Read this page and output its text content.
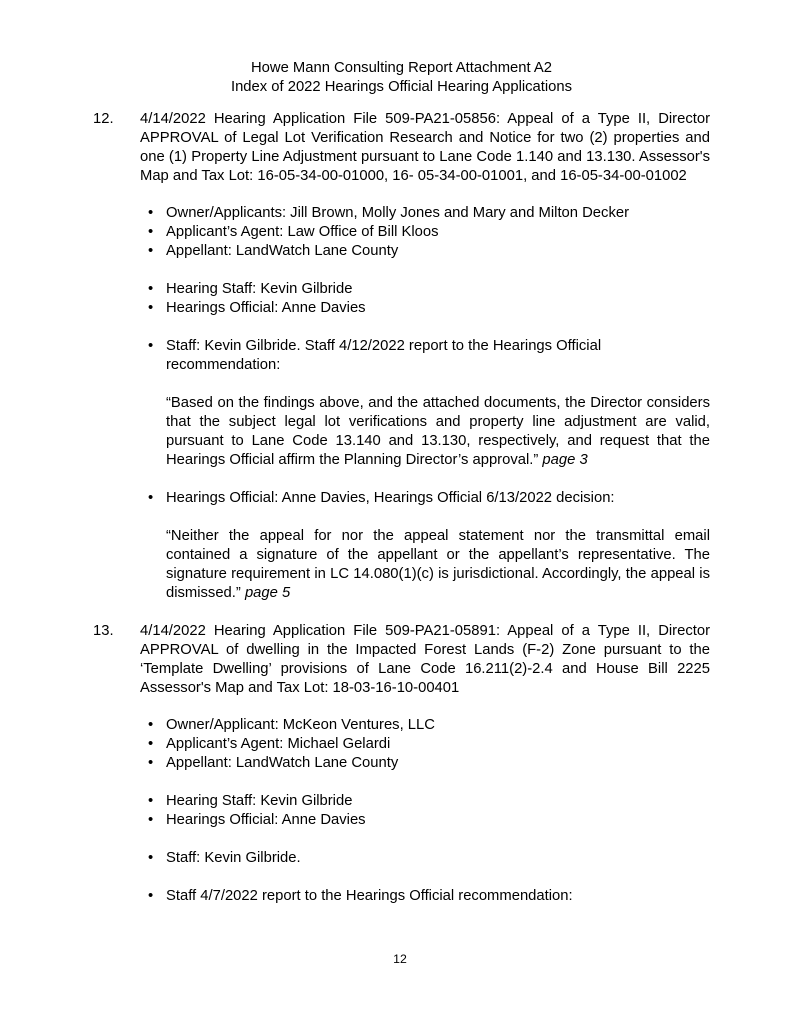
Howe Mann Consulting Report Attachment A2
Index of 2022 Hearings Official Hearing Applications
12.	4/14/2022 Hearing Application File 509-PA21-05856: Appeal of a Type II, Director APPROVAL of Legal Lot Verification Research and Notice for two (2) properties and one (1) Property Line Adjustment pursuant to Lane Code 1.140 and 13.130. Assessor's Map and Tax Lot: 16-05-34-00-01000, 16- 05-34-00-01001, and 16-05-34-00-01002
• Owner/Applicants: Jill Brown, Molly Jones and Mary and Milton Decker
• Applicant’s Agent: Law Office of Bill Kloos
• Appellant: LandWatch Lane County
• Hearing Staff: Kevin Gilbride
• Hearings Official: Anne Davies
• Staff: Kevin Gilbride. Staff 4/12/2022 report to the Hearings Official recommendation:

“Based on the findings above, and the attached documents, the Director considers that the subject legal lot verifications and property line adjustment are valid, pursuant to Lane Code 13.140 and 13.130, respectively, and request that the Hearings Official affirm the Planning Director’s approval.” page 3

• Hearings Official: Anne Davies, Hearings Official 6/13/2022 decision:

“Neither the appeal for nor the appeal statement nor the transmittal email contained a signature of the appellant or the appellant’s representative. The signature requirement in LC 14.080(1)(c) is jurisdictional. Accordingly, the appeal is dismissed.” page 5

13.	4/14/2022 Hearing Application File 509-PA21-05891: Appeal of a Type II, Director APPROVAL of dwelling in the Impacted Forest Lands (F-2) Zone pursuant to the ‘Template Dwelling’ provisions of Lane Code 16.211(2)-2.4 and House Bill 2225 Assessor's Map and Tax Lot: 18-03-16-10-00401
• Owner/Applicant: McKeon Ventures, LLC
• Applicant’s Agent: Michael Gelardi
• Appellant: LandWatch Lane County
• Hearing Staff: Kevin Gilbride
• Hearings Official: Anne Davies
• Staff: Kevin Gilbride.
• Staff 4/7/2022 report to the Hearings Official recommendation:
12
